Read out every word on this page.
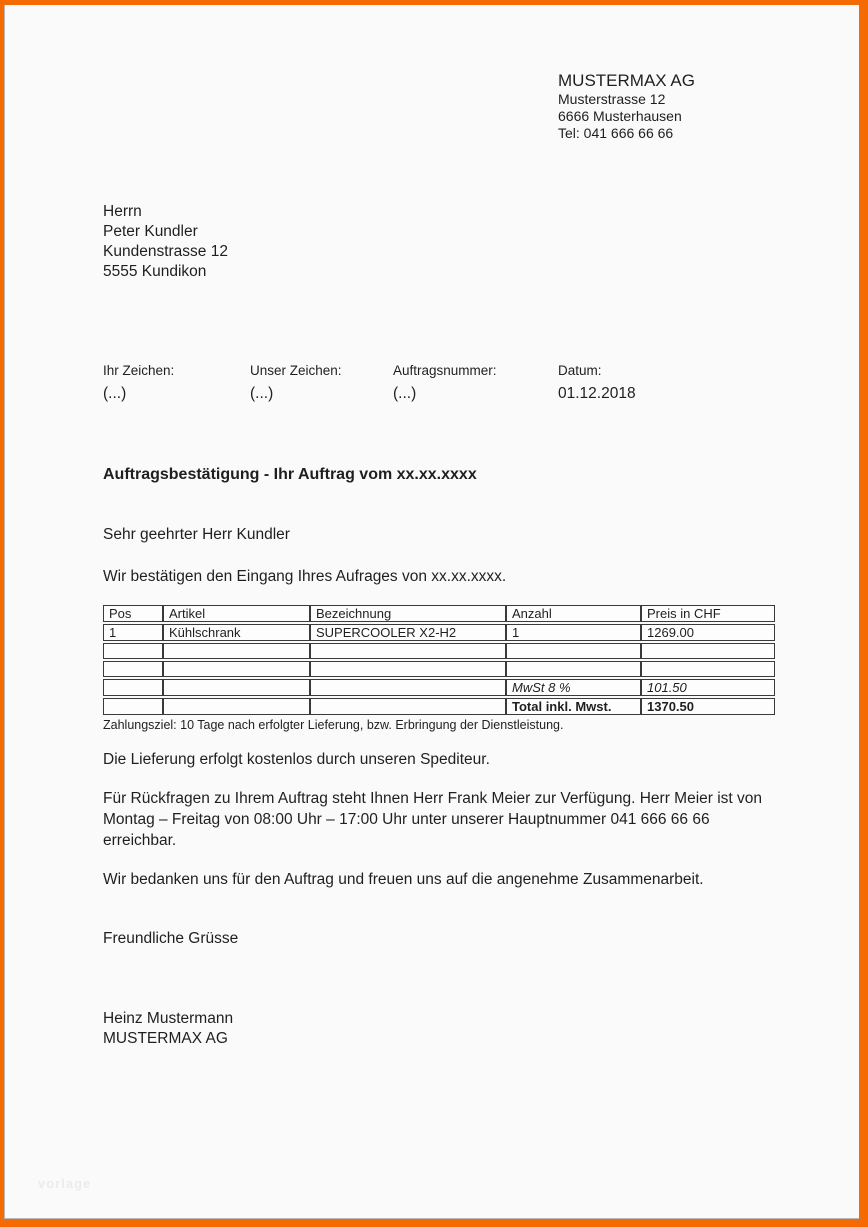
MUSTERMAX AG
Musterstrasse 12
6666 Musterhausen
Tel: 041 666 66 66
Herrn
Peter Kundler
Kundenstrasse 12
5555 Kundikon
Ihr Zeichen:
(...)
Unser Zeichen:
(...)
Auftragsnummer:
(...)
Datum:
01.12.2018
Auftragsbestätigung - Ihr Auftrag vom xx.xx.xxxx
Sehr geehrter Herr Kundler
Wir bestätigen den Eingang Ihres Aufrages von xx.xx.xxxx.
Pos	Artikel	Bezeichnung	Anzahl	Preis in CHF
1	Kühlschrank	SUPERCOOLER X2-H2	1	1269.00

			MwSt 8 %	101.50
			Total inkl. Mwst.	1370.50
Zahlungsziel: 10 Tage nach erfolgter Lieferung, bzw. Erbringung der Dienstleistung.
Die Lieferung erfolgt kostenlos durch unseren Spediteur.
Für Rückfragen zu Ihrem Auftrag steht Ihnen Herr Frank Meier zur Verfügung. Herr Meier ist von Montag – Freitag von 08:00 Uhr – 17:00 Uhr unter unserer Hauptnummer 041 666 66 66 erreichbar.
Wir bedanken uns für den Auftrag und freuen uns auf die angenehme Zusammenarbeit.
Freundliche Grüsse
Heinz Mustermann
MUSTERMAX AG
vorlage
